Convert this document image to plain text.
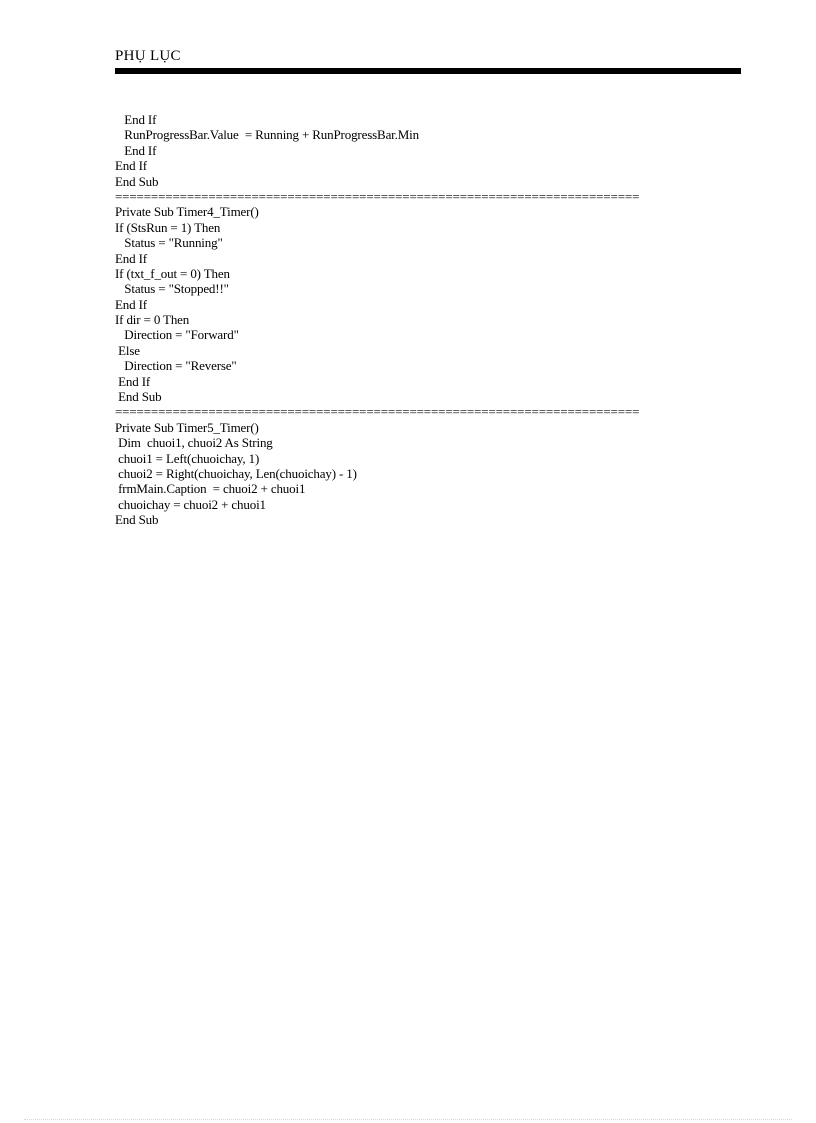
PHỤ LỤC
End If
RunProgressBar.Value  = Running + RunProgressBar.Min
End If
End If
End Sub
=========================================================================
Private Sub Timer4_Timer()
If (StsRun = 1) Then
Status = "Running"
End If
If (txt_f_out = 0) Then
Status = "Stopped!!"
End If
If dir = 0 Then
Direction = "Forward"
Else
Direction = "Reverse"
End If
End Sub
=========================================================================
Private Sub Timer5_Timer()
Dim  chuoi1, chuoi2 As String
chuoi1 = Left(chuoichay, 1)
chuoi2 = Right(chuoichay, Len(chuoichay) - 1)
frmMain.Caption  = chuoi2 + chuoi1
chuoichay = chuoi2 + chuoi1
End Sub
